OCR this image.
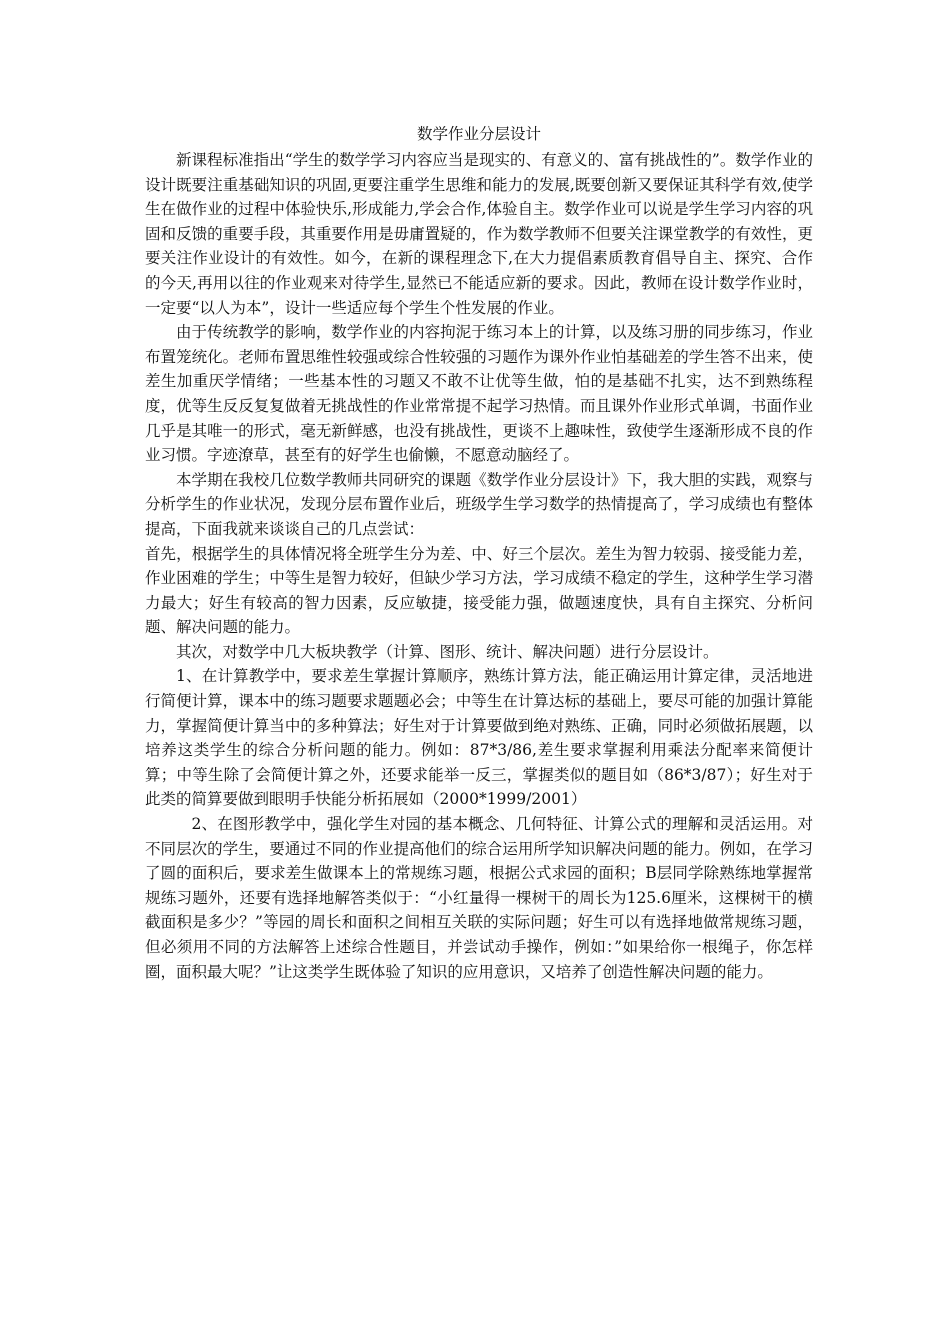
数学作业分层设计

新课程标准指出“学生的数学学习内容应当是现实的、有意义的、富有挑战性的”。数学作业的设计既要注重基础知识的巩固,更要注重学生思维和能力的发展,既要创新又要保证其科学有效,使学生在做作业的过程中体验快乐,形成能力,学会合作,体验自主。数学作业可以说是学生学习内容的巩固和反馈的重要手段，其重要作用是毋庸置疑的，作为数学教师不但要关注课堂教学的有效性，更要关注作业设计的有效性。如今，在新的课程理念下,在大力提倡素质教育倡导自主、探究、合作的今天,再用以往的作业观来对待学生,显然已不能适应新的要求。因此，教师在设计数学作业时，一定要“以人为本”，设计一些适应每个学生个性发展的作业。

由于传统教学的影响，数学作业的内容拘泥于练习本上的计算，以及练习册的同步练习，作业布置笼统化。老师布置思维性较强或综合性较强的习题作为课外作业怕基础差的学生答不出来，使差生加重厌学情绪；一些基本性的习题又不敢不让优等生做，怕的是基础不扎实，达不到熟练程度，优等生反反复复做着无挑战性的作业常常提不起学习热情。而且课外作业形式单调，书面作业几乎是其唯一的形式，毫无新鲜感，也没有挑战性，更谈不上趣味性，致使学生逐渐形成不良的作业习惯。字迹潦草，甚至有的好学生也偷懒，不愿意动脑经了。

本学期在我校几位数学教师共同研究的课题《数学作业分层设计》下，我大胆的实践，观察与分析学生的作业状况，发现分层布置作业后，班级学生学习数学的热情提高了，学习成绩也有整体提高，下面我就来谈谈自己的几点尝试：

首先，根据学生的具体情况将全班学生分为差、中、好三个层次。差生为智力较弱、接受能力差，作业困难的学生；中等生是智力较好，但缺少学习方法，学习成绩不稳定的学生，这种学生学习潜力最大；好生有较高的智力因素，反应敏捷，接受能力强，做题速度快，具有自主探究、分析问题、解决问题的能力。

其次，对数学中几大板块教学（计算、图形、统计、解决问题）进行分层设计。

1、在计算教学中，要求差生掌握计算顺序，熟练计算方法，能正确运用计算定律，灵活地进行简便计算，课本中的练习题要求题题必会；中等生在计算达标的基础上，要尽可能的加强计算能力，掌握简便计算当中的多种算法；好生对于计算要做到绝对熟练、正确，同时必须做拓展题，以培养这类学生的综合分析问题的能力。例如：87*3/86,差生要求掌握利用乘法分配率来简便计算；中等生除了会简便计算之外，还要求能举一反三，掌握类似的题目如（86*3/87）；好生对于此类的简算要做到眼明手快能分析拓展如（2000*1999/2001）

2、在图形教学中，强化学生对园的基本概念、几何特征、计算公式的理解和灵活运用。对不同层次的学生，要通过不同的作业提高他们的综合运用所学知识解决问题的能力。例如，在学习了圆的面积后，要求差生做课本上的常规练习题，根据公式求园的面积；B层同学除熟练地掌握常规练习题外，还要有选择地解答类似于：“小红量得一棵树干的周长为125.6厘米，这棵树干的横截面积是多少？”等园的周长和面积之间相互关联的实际问题；好生可以有选择地做常规练习题，但必须用不同的方法解答上述综合性题目，并尝试动手操作，例如：”如果给你一根绳子，你怎样圈，面积最大呢？”让这类学生既体验了知识的应用意识，又培养了创造性解决问题的能力。
